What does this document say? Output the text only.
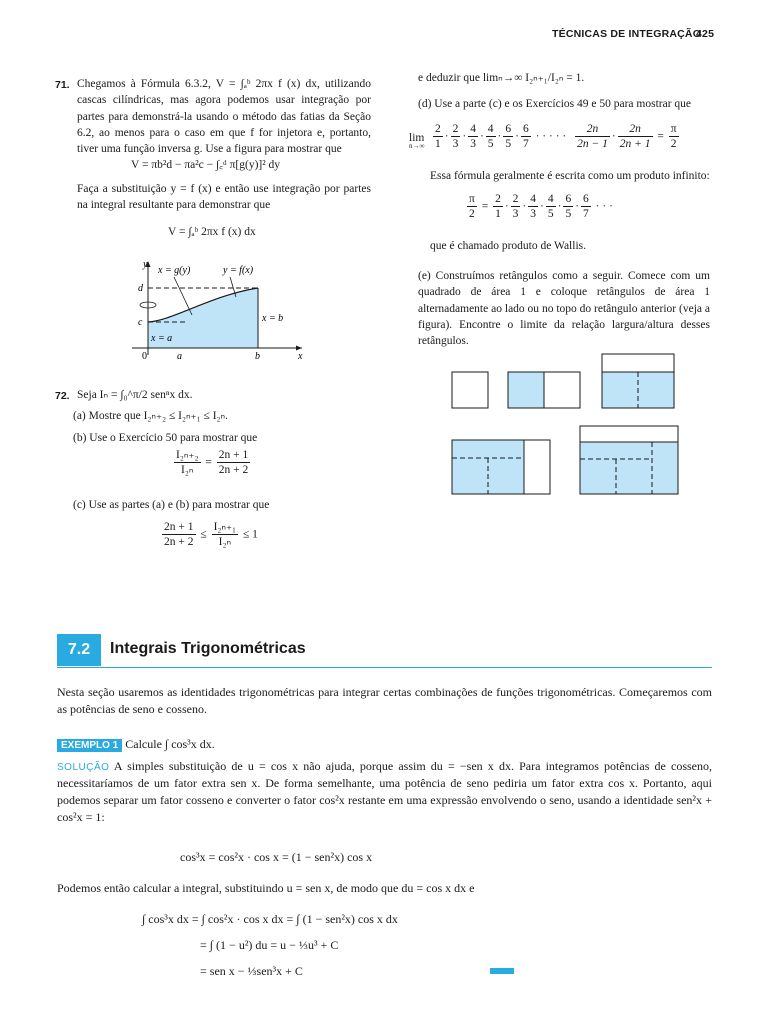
TÉCNICAS DE INTEGRAÇÃO
425
71. Chegamos à Fórmula 6.3.2, V = ∫ₐᵇ 2πx f (x) dx, utilizando cascas cilíndricas, mas agora podemos usar integração por partes para demonstrá-la usando o método das fatias da Seção 6.2, ao menos para o caso em que f for injetora e, portanto, tiver uma função inversa g. Use a figura para mostrar que
V = πb²d − πa²c − ∫꜀ᵈ π[g(y)]² dy
Faça a substituição y = f (x) e então use integração por partes na integral resultante para demonstrar que
V = ∫ₐᵇ 2πx f (x) dx
y
x
0	a	b
c
d
x = g(y)	y = f(x)
x = b
x = a
72. Seja Iₙ = ∫₀^π/2 senⁿx dx.
(a) Mostre que I₂ₙ₊₂ ≤ I₂ₙ₊₁ ≤ I₂ₙ.
(b) Use o Exercício 50 para mostrar que
$\frac{\text{I₂ₙ₊₂}}{\text{I₂ₙ}} = \frac{2n + 1}{2n + 2}$
(c) Use as partes (a) e (b) para mostrar que
$\frac{2n + 1}{2n + 2} \le \frac{\text{I₂ₙ₊₁}}{\text{I₂ₙ}} \le 1$
e deduzir que limₙ→∞ I₂ₙ₊₁/I₂ₙ = 1.
(d) Use a parte (c) e os Exercícios 49 e 50 para mostrar que
lim
$n\to\infty \frac{2}{1} \cdot \frac{2}{3} \cdot \frac{4}{3} \cdot \frac{4}{5} \cdot \frac{6}{5} \cdot \frac{6}{7}$ · · · · · $\frac{2n}{2n - 1} \cdot \frac{2n}{2n + 1} = \frac{\pi}{2}$
Essa fórmula geralmente é escrita como um produto infinito:
$\frac{\pi}{2} = \frac{2}{1} \cdot \frac{2}{3} \cdot \frac{4}{3} \cdot \frac{4}{5} \cdot \frac{6}{5} \cdot \frac{6}{7}$ · · ·
que é chamado produto de Wallis.
(e) Construímos retângulos como a seguir. Comece com um quadrado de área 1 e coloque retângulos de área 1 alternadamente ao lado ou no topo do retângulo anterior (veja a figura). Encontre o limite da relação largura/altura desses retângulos.
7.2	Integrais Trigonométricas
Nesta seção usaremos as identidades trigonométricas para integrar certas combinações de funções trigonométricas. Começaremos com as potências de seno e cosseno.
EXEMPLO 1 Calcule ∫ cos³x dx.
SOLUÇÃO A simples substituição de u = cos x não ajuda, porque assim du = −sen x dx. Para integramos potências de cosseno, necessitaríamos de um fator extra sen x. De forma semelhante, uma potência de seno pediria um fator extra cos x. Portanto, aqui podemos separar um fator cosseno e converter o fator cos²x restante em uma expressão envolvendo o seno, usando a identidade sen²x + cos²x = 1:
cos³x = cos²x · cos x = (1 − sen²x) cos x
Podemos então calcular a integral, substituindo u = sen x, de modo que du = cos x dx e
∫ cos³x dx = ∫ cos²x · cos x dx = ∫ (1 − sen²x) cos x dx
= ∫ (1 − u²) du = u − ⅓u³ + C
= sen x − ⅓sen³x + C
